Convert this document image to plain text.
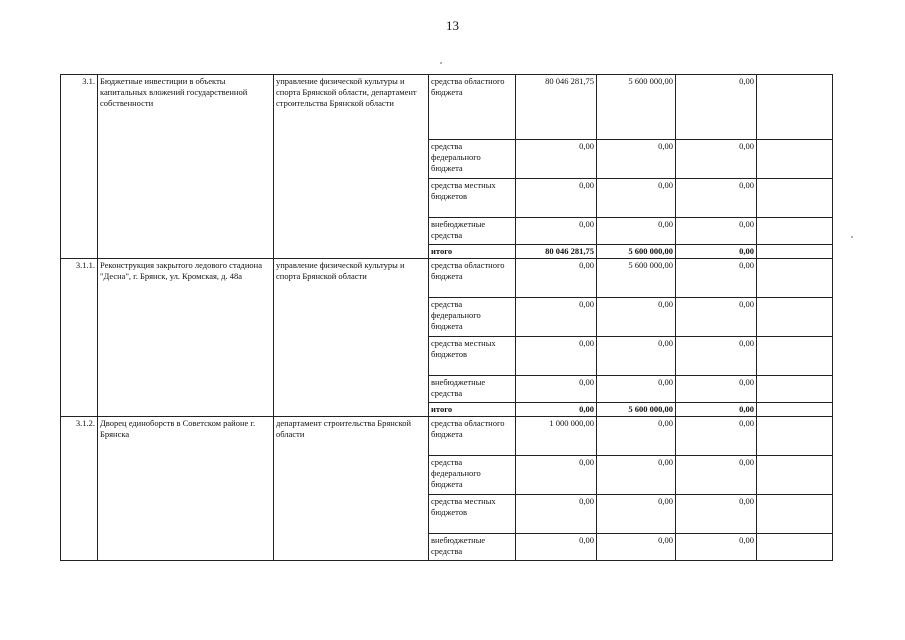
13
3.1.	Бюджетные инвестиции в объекты капитальных вложений государственной собственности	управление физической культуры и спорта Брянской области, департамент строительства Брянской области	средства областного бюджета	80 046 281,75	5 600 000,00	0,00	
			средства федерального бюджета	0,00	0,00	0,00	
			средства местных бюджетов	0,00	0,00	0,00	
			внебюджетные средства	0,00	0,00	0,00	
			итого	80 046 281,75	5 600 000,00	0,00	
3.1.1.	Реконструкция закрытого ледового стадиона "Десна", г. Брянск, ул. Кромская, д. 48а	управление физической культуры и спорта Брянской области	средства областного бюджета	0,00	5 600 000,00	0,00	
			средства федерального бюджета	0,00	0,00	0,00	
			средства местных бюджетов	0,00	0,00	0,00	
			внебюджетные средства	0,00	0,00	0,00	
			итого	0,00	5 600 000,00	0,00	
3.1.2.	Дворец единоборств в Советском районе г. Брянска	департамент строительства Брянской области	средства областного бюджета	1 000 000,00	0,00	0,00	
			средства федерального бюджета	0,00	0,00	0,00	
			средства местных бюджетов	0,00	0,00	0,00	
			внебюджетные средства	0,00	0,00	0,00	
